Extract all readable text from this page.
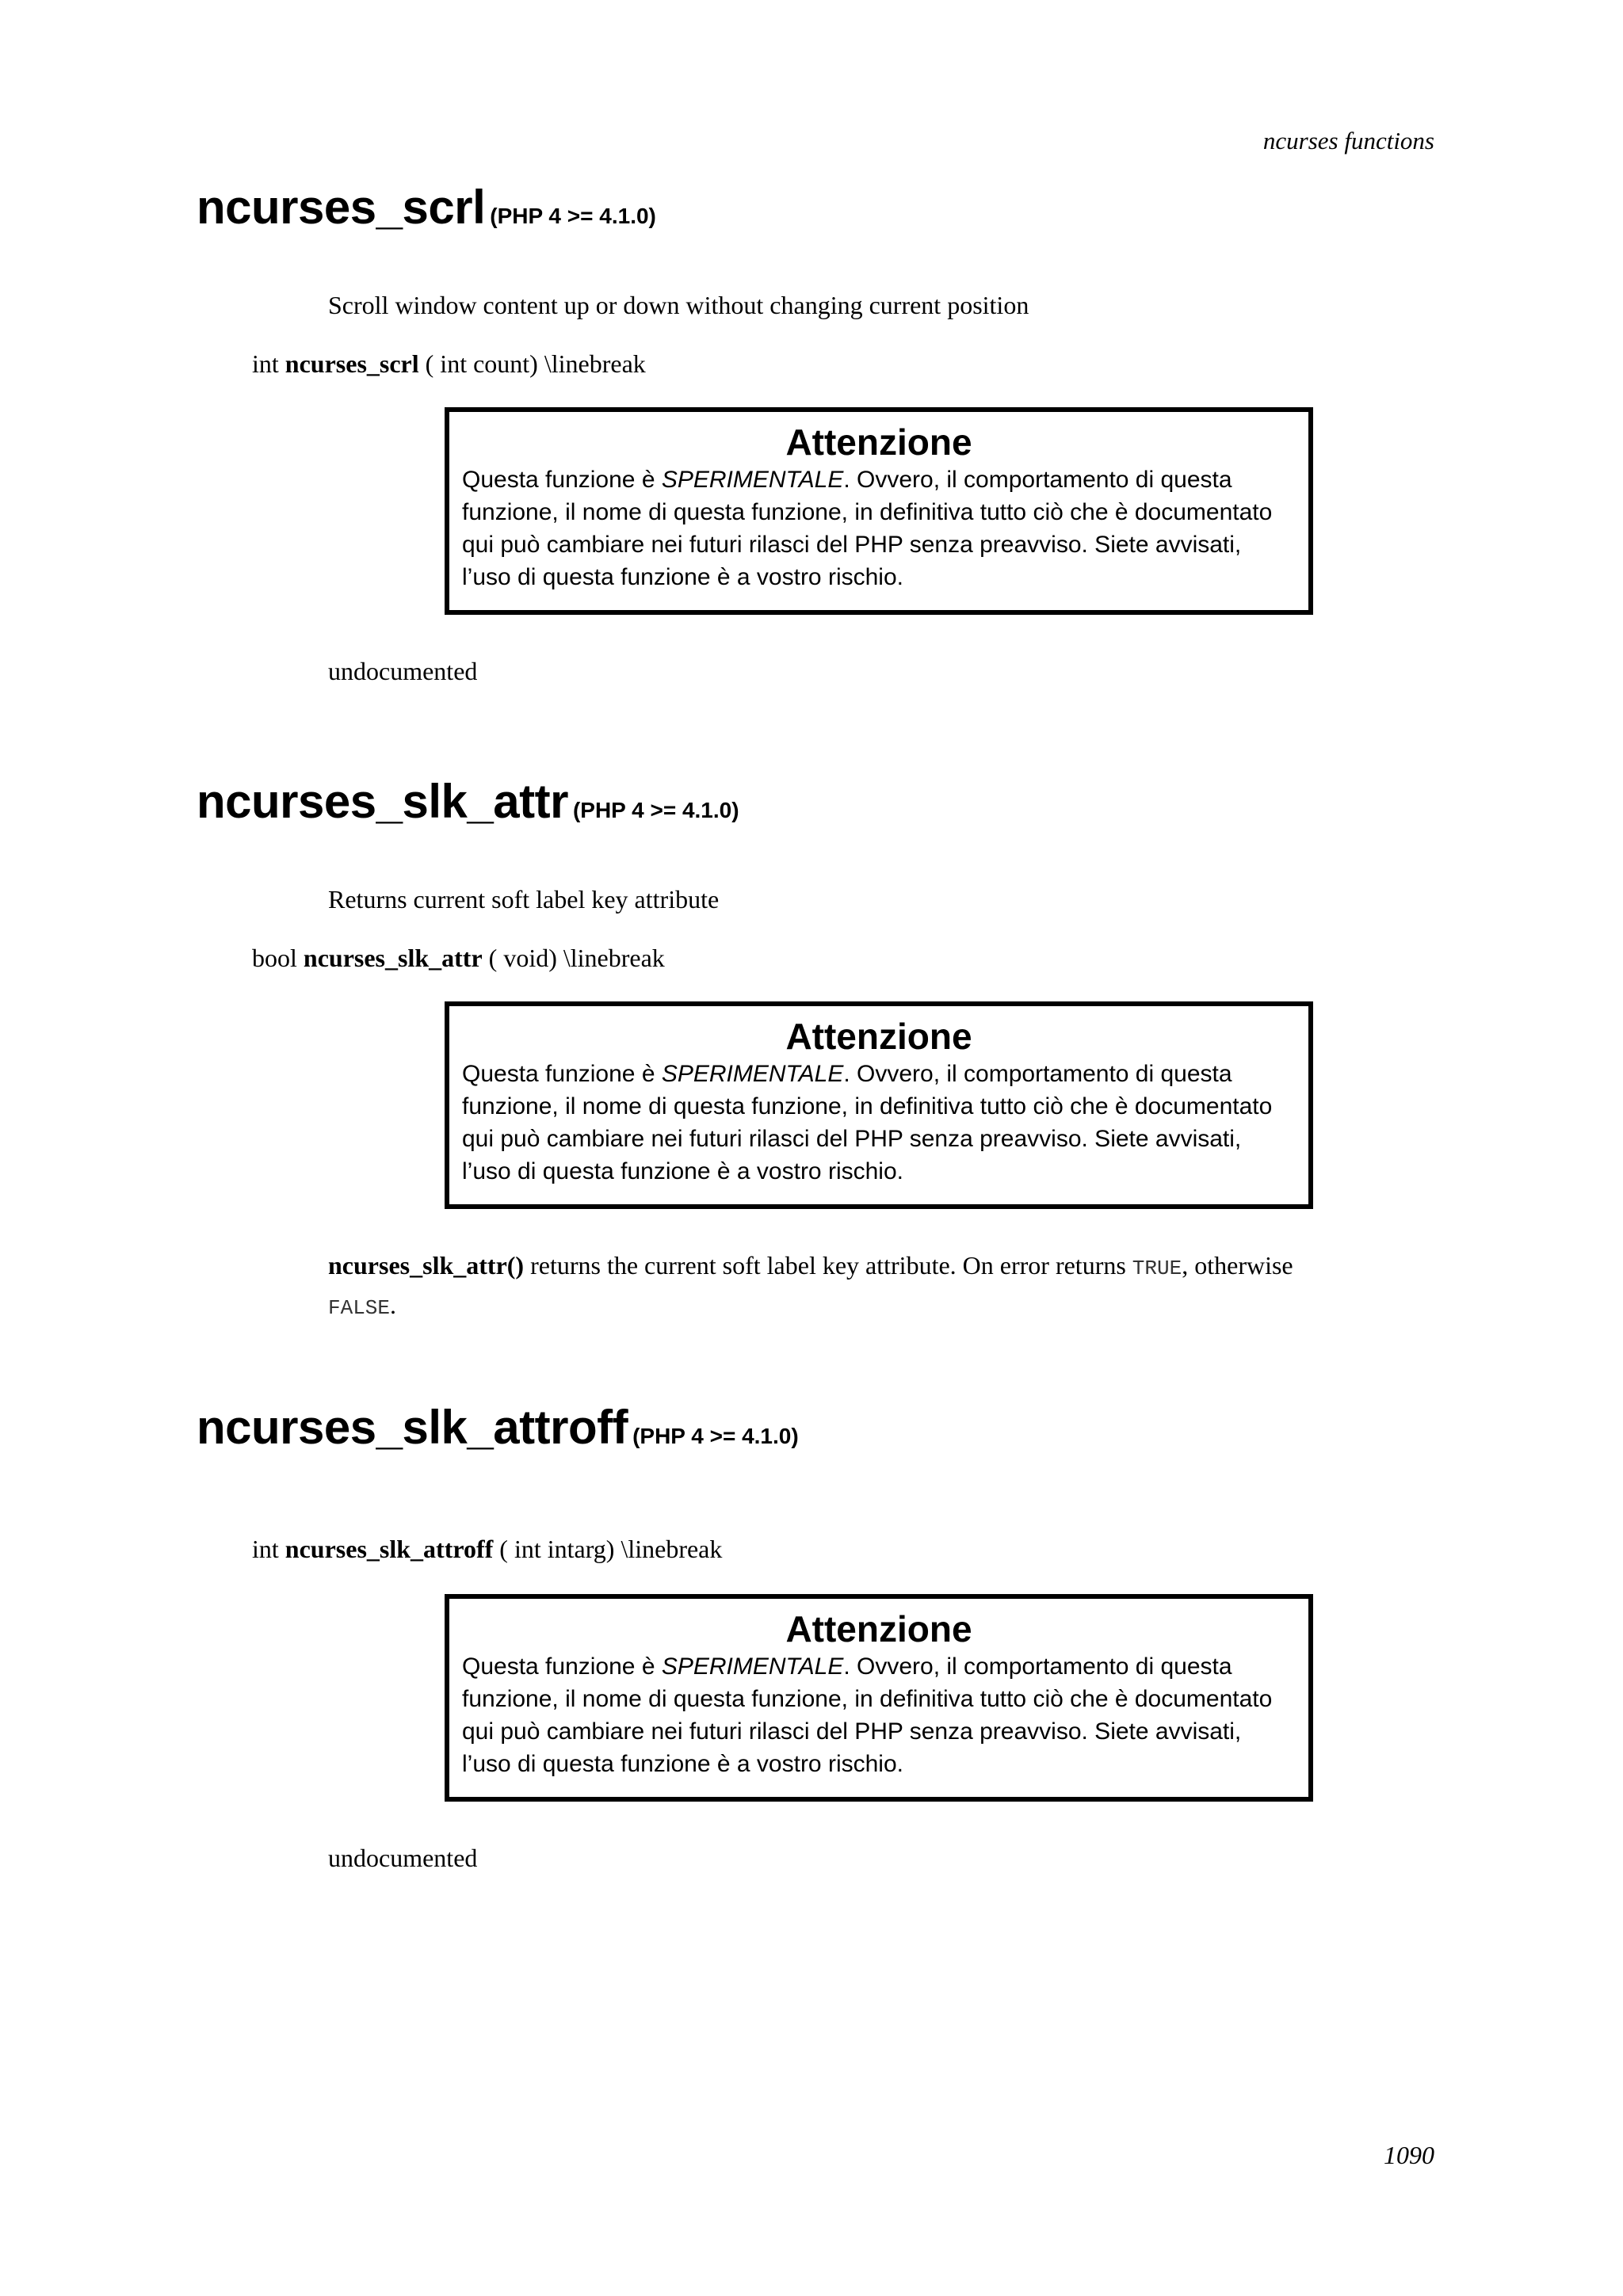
ncurses functions
ncurses_scrl (PHP 4 >= 4.1.0)
Scroll window content up or down without changing current position
int ncurses_scrl ( int count) \linebreak
Attenzione
Questa funzione è SPERIMENTALE. Ovvero, il comportamento di questa funzione, il nome di questa funzione, in definitiva tutto ciò che è documentato qui può cambiare nei futuri rilasci del PHP senza preavviso. Siete avvisati, l’uso di questa funzione è a vostro rischio.
undocumented
ncurses_slk_attr (PHP 4 >= 4.1.0)
Returns current soft label key attribute
bool ncurses_slk_attr ( void) \linebreak
Attenzione
Questa funzione è SPERIMENTALE. Ovvero, il comportamento di questa funzione, il nome di questa funzione, in definitiva tutto ciò che è documentato qui può cambiare nei futuri rilasci del PHP senza preavviso. Siete avvisati, l’uso di questa funzione è a vostro rischio.
ncurses_slk_attr() returns the current soft label key attribute. On error returns TRUE, otherwise
FALSE.
ncurses_slk_attroff (PHP 4 >= 4.1.0)
int ncurses_slk_attroff ( int intarg) \linebreak
Attenzione
Questa funzione è SPERIMENTALE. Ovvero, il comportamento di questa funzione, il nome di questa funzione, in definitiva tutto ciò che è documentato qui può cambiare nei futuri rilasci del PHP senza preavviso. Siete avvisati, l’uso di questa funzione è a vostro rischio.
undocumented
1090
